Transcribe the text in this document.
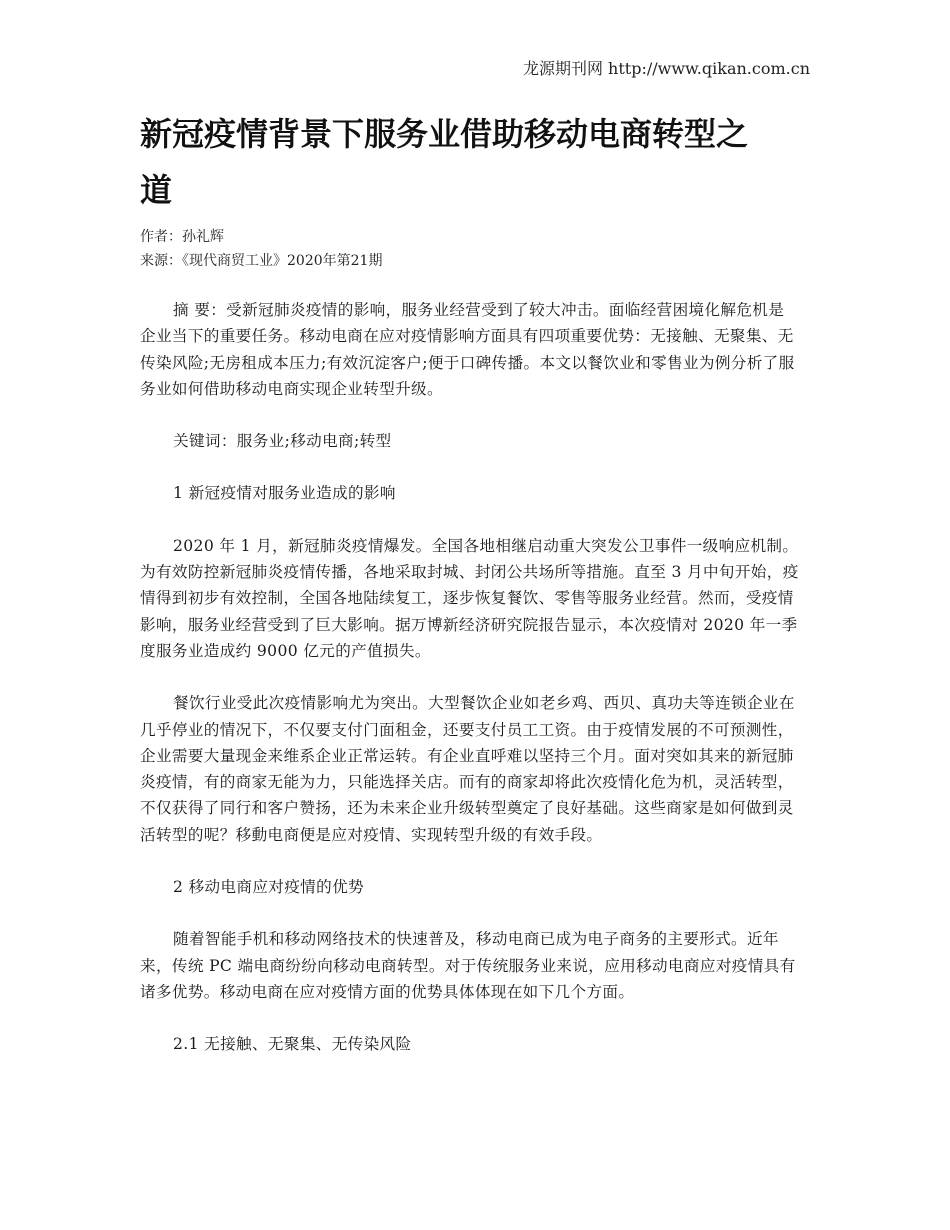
龙源期刊网 http://www.qikan.com.cn
新冠疫情背景下服务业借助移动电商转型之
道
作者：孙礼辉
来源：《现代商贸工业》2020年第21期
摘 要：受新冠肺炎疫情的影响，服务业经营受到了较大冲击。面临经营困境化解危机是
企业当下的重要任务。移动电商在应对疫情影响方面具有四项重要优势：无接触、无聚集、无
传染风险;无房租成本压力;有效沉淀客户;便于口碑传播。本文以餐饮业和零售业为例分析了服
务业如何借助移动电商实现企业转型升级。
关键词：服务业;移动电商;转型
1 新冠疫情对服务业造成的影响
2020 年 1 月，新冠肺炎疫情爆发。全国各地相继启动重大突发公卫事件一级响应机制。
为有效防控新冠肺炎疫情传播，各地采取封城、封闭公共场所等措施。直至 3 月中旬开始，疫
情得到初步有效控制，全国各地陆续复工，逐步恢复餐饮、零售等服务业经营。然而，受疫情
影响，服务业经营受到了巨大影响。据万博新经济研究院报告显示，本次疫情对 2020 年一季
度服务业造成约 9000 亿元的产值损失。
餐饮行业受此次疫情影响尤为突出。大型餐饮企业如老乡鸡、西贝、真功夫等连锁企业在
几乎停业的情况下，不仅要支付门面租金，还要支付员工工资。由于疫情发展的不可预测性，
企业需要大量现金来维系企业正常运转。有企业直呼难以坚持三个月。面对突如其来的新冠肺
炎疫情，有的商家无能为力，只能选择关店。而有的商家却将此次疫情化危为机，灵活转型，
不仅获得了同行和客户赞扬，还为未来企业升级转型奠定了良好基础。这些商家是如何做到灵
活转型的呢？移動电商便是应对疫情、实现转型升级的有效手段。
2 移动电商应对疫情的优势
随着智能手机和移动网络技术的快速普及，移动电商已成为电子商务的主要形式。近年
来，传统 PC 端电商纷纷向移动电商转型。对于传统服务业来说，应用移动电商应对疫情具有
诸多优势。移动电商在应对疫情方面的优势具体体现在如下几个方面。
2.1 无接触、无聚集、无传染风险
